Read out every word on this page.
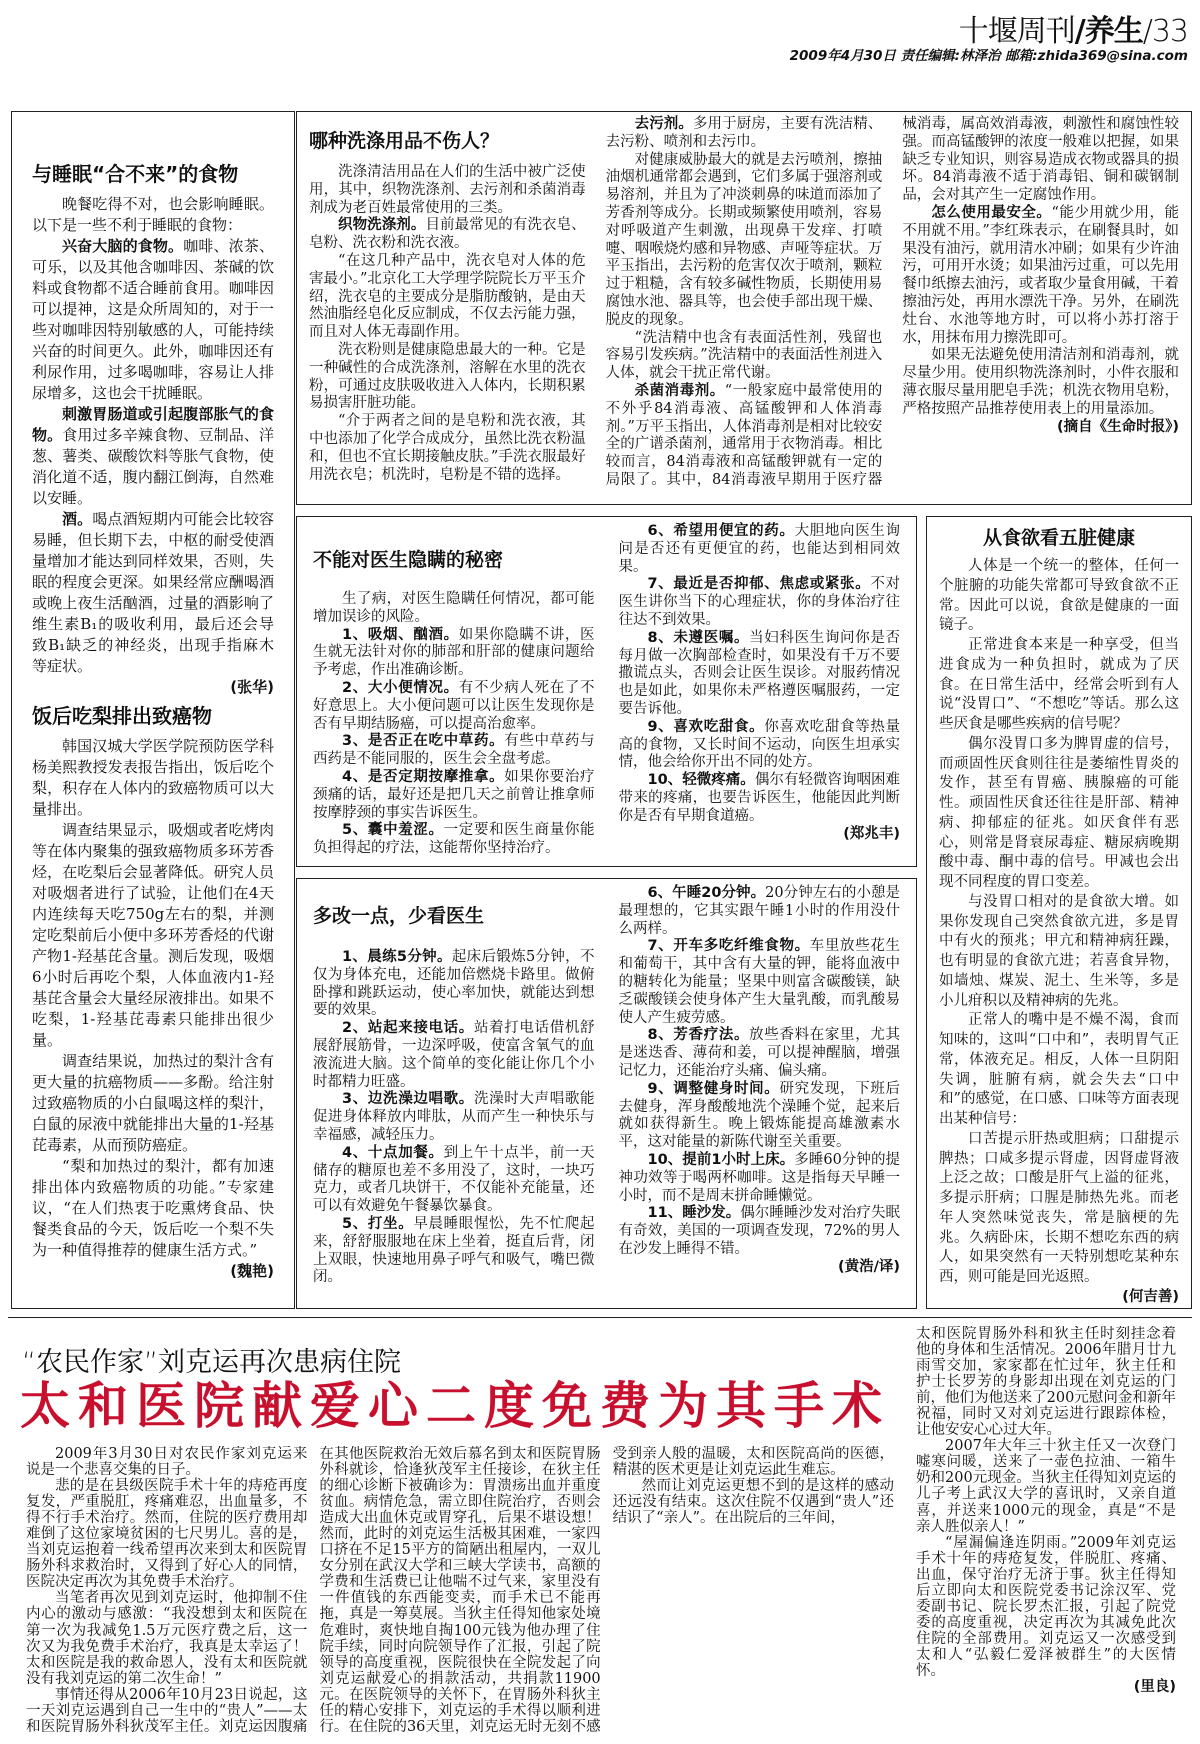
十堰周刊/养生/33
2009年4月30日 责任编辑:林泽治 邮箱:zhida369@sina.com

与睡眠“合不来”的食物

晚餐吃得不对，也会影响睡眠。以下是一些不利于睡眠的食物：

兴奋大脑的食物。咖啡、浓茶、可乐，以及其他含咖啡因、茶碱的饮料或食物都不适合睡前食用。咖啡因可以提神，这是众所周知的，对于一些对咖啡因特别敏感的人，可能持续兴奋的时间更久。此外，咖啡因还有利尿作用，过多喝咖啡，容易让人排尿增多，这也会干扰睡眠。

刺激胃肠道或引起腹部胀气的食物。食用过多辛辣食物、豆制品、洋葱、薯类、碳酸饮料等胀气食物，使消化道不适，腹内翻江倒海，自然难以安睡。

酒。喝点酒短期内可能会比较容易睡，但长期下去，中枢的耐受使酒量增加才能达到同样效果，否则，失眠的程度会更深。如果经常应酬喝酒或晚上夜生活酗酒，过量的酒影响了维生素B₁的吸收利用，最后还会导致B₁缺乏的神经炎，出现手指麻木等症状。

(张华)

饭后吃梨排出致癌物

韩国汉城大学医学院预防医学科杨美熙教授发表报告指出，饭后吃个梨，积存在人体内的致癌物质可以大量排出。

调查结果显示，吸烟或者吃烤肉等在体内聚集的强致癌物质多环芳香烃，在吃梨后会显著降低。研究人员对吸烟者进行了试验，让他们在4天内连续每天吃750g左右的梨，并测定吃梨前后小便中多环芳香烃的代谢产物1-羟基芘含量。测后发现，吸烟6小时后再吃个梨，人体血液内1-羟基芘含量会大量经尿液排出。如果不吃梨，1-羟基芘毒素只能排出很少量。

调查结果说，加热过的梨汁含有更大量的抗癌物质——多酚。给注射过致癌物质的小白鼠喝这样的梨汁，白鼠的尿液中就能排出大量的1-羟基芘毒素，从而预防癌症。

“梨和加热过的梨汁，都有加速排出体内致癌物质的功能。”专家建议，“在人们热衷于吃熏烤食品、快餐类食品的今天，饭后吃一个梨不失为一种值得推荐的健康生活方式。”

(魏艳)

哪种洗涤用品不伤人？

洗涤清洁用品在人们的生活中被广泛使用，其中，织物洗涤剂、去污剂和杀菌消毒剂成为老百姓最常使用的三类。

织物洗涤剂。目前最常见的有洗衣皂、皂粉、洗衣粉和洗衣液。

“在这几种产品中，洗衣皂对人体的危害最小。”北京化工大学理学院院长万平玉介绍，洗衣皂的主要成分是脂肪酸钠，是由天然油脂经皂化反应制成，不仅去污能力强，而且对人体无毒副作用。

洗衣粉则是健康隐患最大的一种。它是一种碱性的合成洗涤剂，溶解在水里的洗衣粉，可通过皮肤吸收进入人体内，长期积累易损害肝脏功能。

“介于两者之间的是皂粉和洗衣液，其中也添加了化学合成成分，虽然比洗衣粉温和，但也不宜长期接触皮肤。”手洗衣服最好用洗衣皂；机洗时，皂粉是不错的选择。

去污剂。多用于厨房，主要有洗洁精、去污粉、喷剂和去污巾。

对健康威胁最大的就是去污喷剂，擦抽油烟机通常都会遇到，它们多属于强溶剂或易溶剂，并且为了冲淡刺鼻的味道而添加了芳香剂等成分。长期或频繁使用喷剂，容易对呼吸道产生刺激，出现鼻干发痒、打喷嚏、咽喉烧灼感和异物感、声哑等症状。万平玉指出，去污粉的危害仅次于喷剂，颗粒过于粗糙，含有较多碱性物质，长期使用易腐蚀水池、器具等，也会使手部出现干燥、脱皮的现象。

“洗洁精中也含有表面活性剂，残留也容易引发疾病。”洗洁精中的表面活性剂进入人体，就会干扰正常代谢。

杀菌消毒剂。“一般家庭中最常使用的不外乎84消毒液、高锰酸钾和人体消毒剂。”万平玉指出，人体消毒剂是相对比较安全的广谱杀菌剂，通常用于衣物消毒。相比较而言，84消毒液和高锰酸钾就有一定的局限了。其中，84消毒液早期用于医疗器械消毒，属高效消毒液，刺激性和腐蚀性较强。而高锰酸钾的浓度一般难以把握，如果缺乏专业知识，则容易造成衣物或器具的损坏。84消毒液不适于消毒铝、铜和碳钢制品，会对其产生一定腐蚀作用。

怎么使用最安全。“能少用就少用，能不用就不用。”李红珠表示，在刷餐具时，如果没有油污，就用清水冲刷；如果有少许油污，可用开水烫；如果油污过重，可以先用餐巾纸擦去油污，或者取少量食用碱，干着擦油污处，再用水漂洗干净。另外，在刷洗灶台、水池等地方时，可以将小苏打溶于水，用抹布用力擦洗即可。

如果无法避免使用清洁剂和消毒剂，就尽量少用。使用织物洗涤剂时，小件衣服和薄衣服尽量用肥皂手洗；机洗衣物用皂粉，严格按照产品推荐使用表上的用量添加。

(摘自《生命时报》)

不能对医生隐瞒的秘密

生了病，对医生隐瞒任何情况，都可能增加误诊的风险。

1、吸烟、酗酒。如果你隐瞒不讲，医生就无法针对你的肺部和肝部的健康问题给予考虑，作出准确诊断。

2、大小便情况。有不少病人死在了不好意思上。大小便问题可以让医生发现你是否有早期结肠癌，可以提高治愈率。

3、是否正在吃中草药。有些中草药与西药是不能同服的，医生会全盘考虑。

4、是否定期按摩推拿。如果你要治疗颈痛的话，最好还是把几天之前曾让推拿师按摩脖颈的事实告诉医生。

5、囊中羞涩。一定要和医生商量你能负担得起的疗法，这能帮你坚持治疗。

6、希望用便宜的药。大胆地向医生询问是否还有更便宜的药，也能达到相同效果。

7、最近是否抑郁、焦虑或紧张。不对医生讲你当下的心理症状，你的身体治疗往往达不到效果。

8、未遵医嘱。当妇科医生询问你是否每月做一次胸部检查时，如果没有千万不要撒谎点头，否则会让医生误诊。对服药情况也是如此，如果你未严格遵医嘱服药，一定要告诉他。

9、喜欢吃甜食。你喜欢吃甜食等热量高的食物，又长时间不运动，向医生坦承实情，他会给你开出不同的处方。

10、轻微疼痛。偶尔有轻微咨询咽困难带来的疼痛，也要告诉医生，他能因此判断你是否有早期食道癌。

(郑兆丰)

从食欲看五脏健康

人体是一个统一的整体，任何一个脏腑的功能失常都可导致食欲不正常。因此可以说，食欲是健康的一面镜子。

正常进食本来是一种享受，但当进食成为一种负担时，就成为了厌食。在日常生活中，经常会听到有人说“没胃口”、“不想吃”等话。那么这些厌食是哪些疾病的信号呢？

偶尔没胃口多为脾胃虚的信号，而顽固性厌食则往往是萎缩性胃炎的发作，甚至有胃癌、胰腺癌的可能性。顽固性厌食还往往是肝部、精神病、抑郁症的征兆。如厌食伴有恶心，则常是肾衰尿毒症、糖尿病晚期酸中毒、酮中毒的信号。甲减也会出现不同程度的胃口变差。

与没胃口相对的是食欲大增。如果你发现自己突然食欲亢进，多是胃中有火的预兆；甲亢和精神病狂躁，也有明显的食欲亢进；若喜食异物，如墙烛、煤炭、泥土、生米等，多是小儿疳积以及精神病的先兆。

正常人的嘴中是不燥不渴，食而知味的，这叫“口中和”，表明胃气正常，体液充足。相反，人体一旦阴阳失调，脏腑有病，就会失去“口中和”的感觉，在口感、口味等方面表现出某种信号：

口苦提示肝热或胆病；口甜提示脾热；口咸多提示肾虚，因肾虚肾液上泛之故；口酸是肝气上溢的征兆，多提示肝病；口腥是肺热先兆。而老年人突然味觉丧失，常是脑梗的先兆。久病卧床，长期不想吃东西的病人，如果突然有一天特别想吃某种东西，则可能是回光返照。

(何吉善)

多改一点，少看医生

1、晨练5分钟。起床后锻炼5分钟，不仅为身体充电，还能加倍燃烧卡路里。做俯卧撑和跳跃运动，使心率加快，就能达到想要的效果。

2、站起来接电话。站着打电话借机舒展舒展筋骨，一边深呼吸，使富含氧气的血液流进大脑。这个简单的变化能让你几个小时都精力旺盛。

3、边洗澡边唱歌。洗澡时大声唱歌能促进身体释放内啡肽，从而产生一种快乐与幸福感，减轻压力。

4、十点加餐。到上午十点半，前一天储存的糖原也差不多用没了，这时，一块巧克力，或者几块饼干，不仅能补充能量，还可以有效避免午餐暴饮暴食。

5、打坐。早晨睡眼惺忪，先不忙爬起来，舒舒服服地在床上坐着，挺直后背，闭上双眼，快速地用鼻子呼气和吸气，嘴巴微闭。

6、午睡20分钟。20分钟左右的小憩是最理想的，它其实跟午睡1小时的作用没什么两样。

7、开车多吃纤维食物。车里放些花生和葡萄干，其中含有大量的钾，能将血液中的糖转化为能量；坚果中则富含碳酸镁，缺乏碳酸镁会使身体产生大量乳酸，而乳酸易使人产生疲劳感。

8、芳香疗法。放些香料在家里，尤其是迷迭香、薄荷和姜，可以提神醒脑，增强记忆力，还能治疗头痛、偏头痛。

9、调整健身时间。研究发现，下班后去健身，浑身酸酸地洗个澡睡个觉，起来后就如获得新生。晚上锻炼能提高雄激素水平，这对能量的新陈代谢至关重要。

10、提前1小时上床。多睡60分钟的提神功效等于喝两杯咖啡。这是指每天早睡一小时，而不是周末拼命睡懒觉。

11、睡沙发。偶尔睡睡沙发对治疗失眠有奇效，美国的一项调查发现，72%的男人在沙发上睡得不错。

(黄浩/译)
“农民作家”刘克运再次患病住院
太和医院献爱心二度免费为其手术

2009年3月30日对农民作家刘克运来说是一个悲喜交集的日子。

悲的是在县级医院手术十年的痔疮再度复发，严重脱肛，疼痛难忍，出血量多，不得不行手术治疗。然而，住院的医疗费用却难倒了这位家境贫困的七尺男儿。喜的是，当刘克运抱着一线希望再次来到太和医院胃肠外科求救治时，又得到了好心人的同情，医院决定再次为其免费手术治疗。

当笔者再次见到刘克运时，他抑制不住内心的激动与感激：“我没想到太和医院在第一次为我减免1.5万元医疗费之后，这一次又为我免费手术治疗，我真是太幸运了！太和医院是我的救命恩人，没有太和医院就没有我刘克运的第二次生命！”

事情还得从2006年10月23日说起，这一天刘克运遇到自己一生中的“贵人”——太和医院胃肠外科狄茂军主任。刘克运因腹痛在其他医院救治无效后慕名到太和医院胃肠外科就诊，恰逢狄茂军主任接诊，在狄主任的细心诊断下被确诊为：胃溃疡出血并重度贫血。病情危急，需立即住院治疗，否则会造成大出血休克或胃穿孔，后果不堪设想！然而，此时的刘克运生活极其困难，一家四口挤在不足15平方的简陋出租屋内，一双儿女分别在武汉大学和三峡大学读书，高额的学费和生活费已让他喘不过气来，家里没有一件值钱的东西能变卖，而手术已不能再拖，真是一筹莫展。当狄主任得知他家处境危难时，爽快地自掏100元钱为他办理了住院手续，同时向院领导作了汇报，引起了院领导的高度重视，医院很快在全院发起了向刘克运献爱心的捐款活动，共捐款11900元。在医院领导的关怀下，在胃肠外科狄主任的精心安排下，刘克运的手术得以顺利进行。在住院的36天里，刘克运无时无刻不感受到亲人般的温暖，太和医院高尚的医德，精湛的医术更是让刘克运此生难忘。

然而让刘克运更想不到的是这样的感动还远没有结束。这次住院不仅遇到“贵人”还结识了“亲人”。在出院后的三年间，

太和医院胃肠外科和狄主任时刻挂念着他的身体和生活情况。2006年腊月廿九雨雪交加，家家都在忙过年，狄主任和护士长罗芳的身影却出现在刘克运的门前，他们为他送来了200元慰问金和新年祝福，同时又对刘克运进行跟踪体检，让他安安心心过大年。

2007年大年三十狄主任又一次登门嘘寒问暖，送来了一壶色拉油、一箱牛奶和200元现金。当狄主任得知刘克运的儿子考上武汉大学的喜讯时，又亲自道喜，并送来1000元的现金，真是“不是亲人胜似亲人！”

“屋漏偏逢连阴雨。”2009年刘克运手术十年的痔疮复发，伴脱肛、疼痛、出血，保守治疗无济于事。狄主任得知后立即向太和医院党委书记涂汉军、党委副书记、院长罗杰汇报，引起了院党委的高度重视，决定再次为其减免此次住院的全部费用。刘克运又一次感受到太和人“弘毅仁爱泽被群生”的大医情怀。

(里良)
